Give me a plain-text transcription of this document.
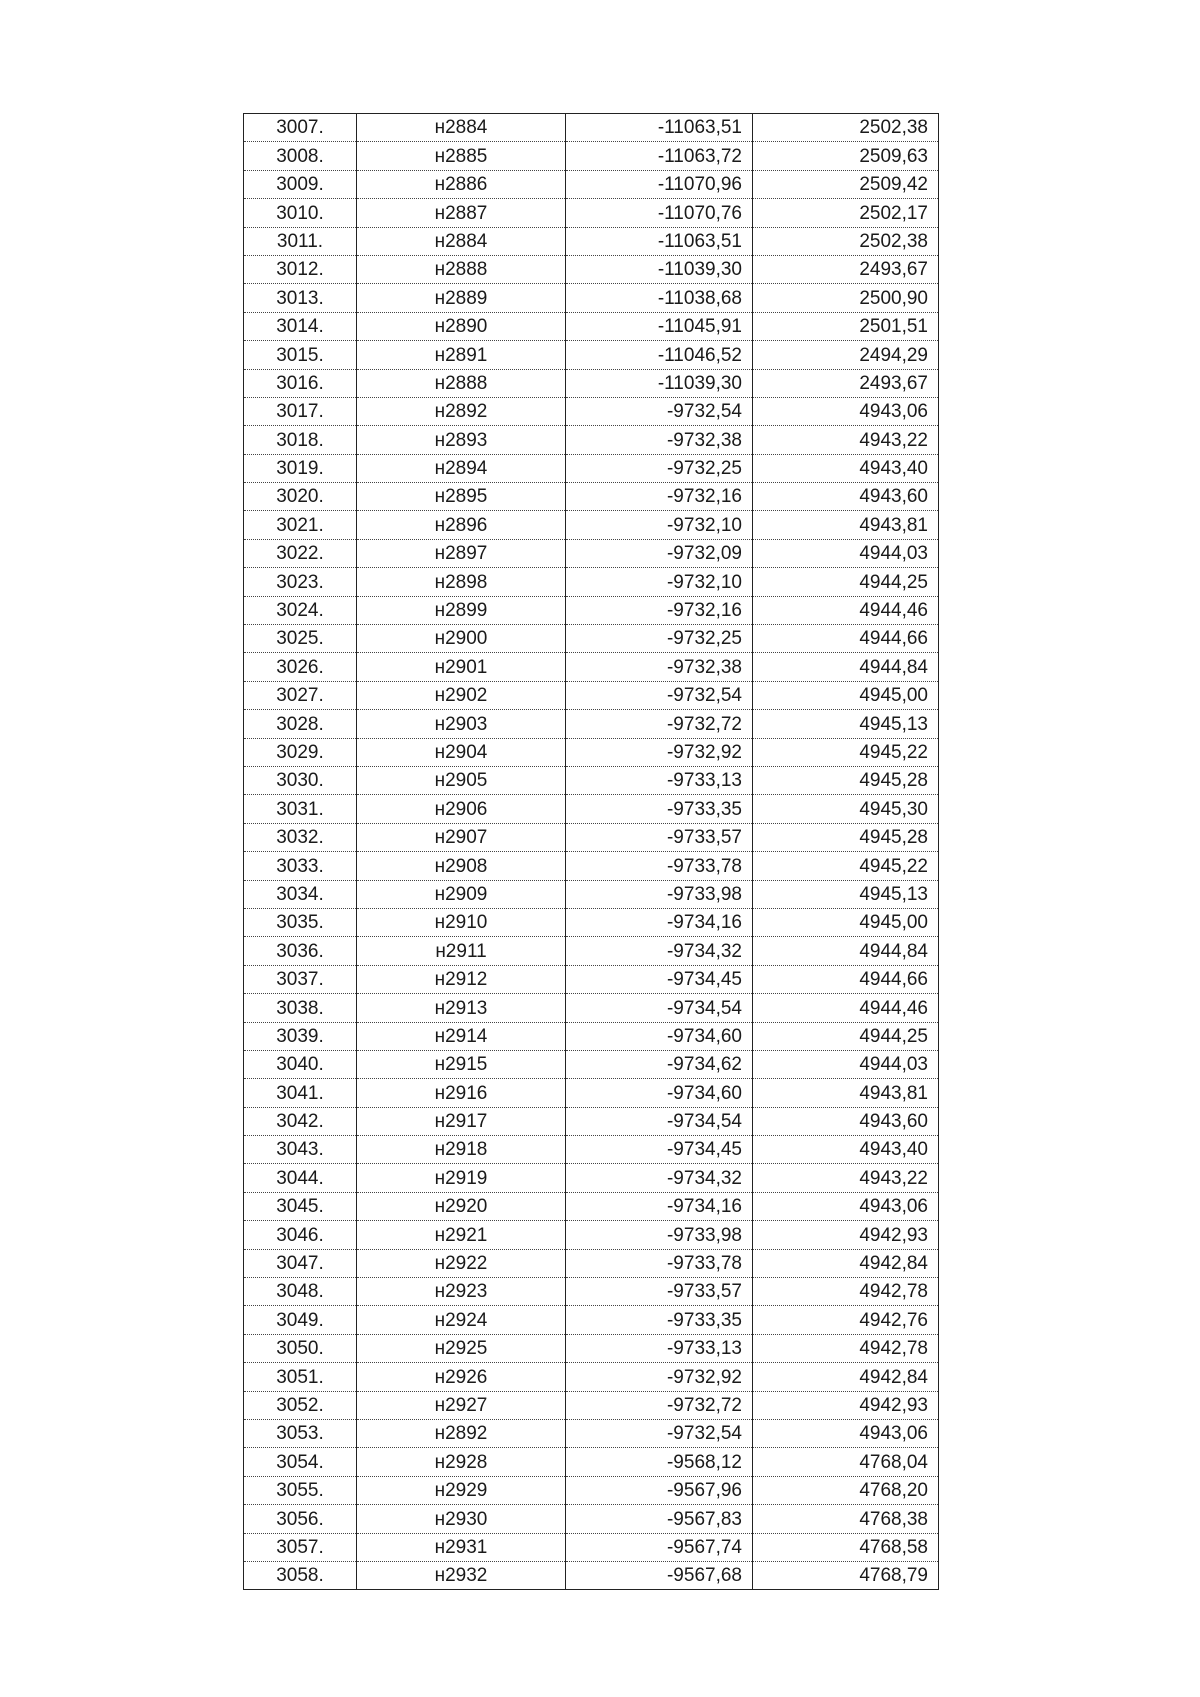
3007.	н2884	-11063,51	2502,38
3008.	н2885	-11063,72	2509,63
3009.	н2886	-11070,96	2509,42
3010.	н2887	-11070,76	2502,17
3011.	н2884	-11063,51	2502,38
3012.	н2888	-11039,30	2493,67
3013.	н2889	-11038,68	2500,90
3014.	н2890	-11045,91	2501,51
3015.	н2891	-11046,52	2494,29
3016.	н2888	-11039,30	2493,67
3017.	н2892	-9732,54	4943,06
3018.	н2893	-9732,38	4943,22
3019.	н2894	-9732,25	4943,40
3020.	н2895	-9732,16	4943,60
3021.	н2896	-9732,10	4943,81
3022.	н2897	-9732,09	4944,03
3023.	н2898	-9732,10	4944,25
3024.	н2899	-9732,16	4944,46
3025.	н2900	-9732,25	4944,66
3026.	н2901	-9732,38	4944,84
3027.	н2902	-9732,54	4945,00
3028.	н2903	-9732,72	4945,13
3029.	н2904	-9732,92	4945,22
3030.	н2905	-9733,13	4945,28
3031.	н2906	-9733,35	4945,30
3032.	н2907	-9733,57	4945,28
3033.	н2908	-9733,78	4945,22
3034.	н2909	-9733,98	4945,13
3035.	н2910	-9734,16	4945,00
3036.	н2911	-9734,32	4944,84
3037.	н2912	-9734,45	4944,66
3038.	н2913	-9734,54	4944,46
3039.	н2914	-9734,60	4944,25
3040.	н2915	-9734,62	4944,03
3041.	н2916	-9734,60	4943,81
3042.	н2917	-9734,54	4943,60
3043.	н2918	-9734,45	4943,40
3044.	н2919	-9734,32	4943,22
3045.	н2920	-9734,16	4943,06
3046.	н2921	-9733,98	4942,93
3047.	н2922	-9733,78	4942,84
3048.	н2923	-9733,57	4942,78
3049.	н2924	-9733,35	4942,76
3050.	н2925	-9733,13	4942,78
3051.	н2926	-9732,92	4942,84
3052.	н2927	-9732,72	4942,93
3053.	н2892	-9732,54	4943,06
3054.	н2928	-9568,12	4768,04
3055.	н2929	-9567,96	4768,20
3056.	н2930	-9567,83	4768,38
3057.	н2931	-9567,74	4768,58
3058.	н2932	-9567,68	4768,79
